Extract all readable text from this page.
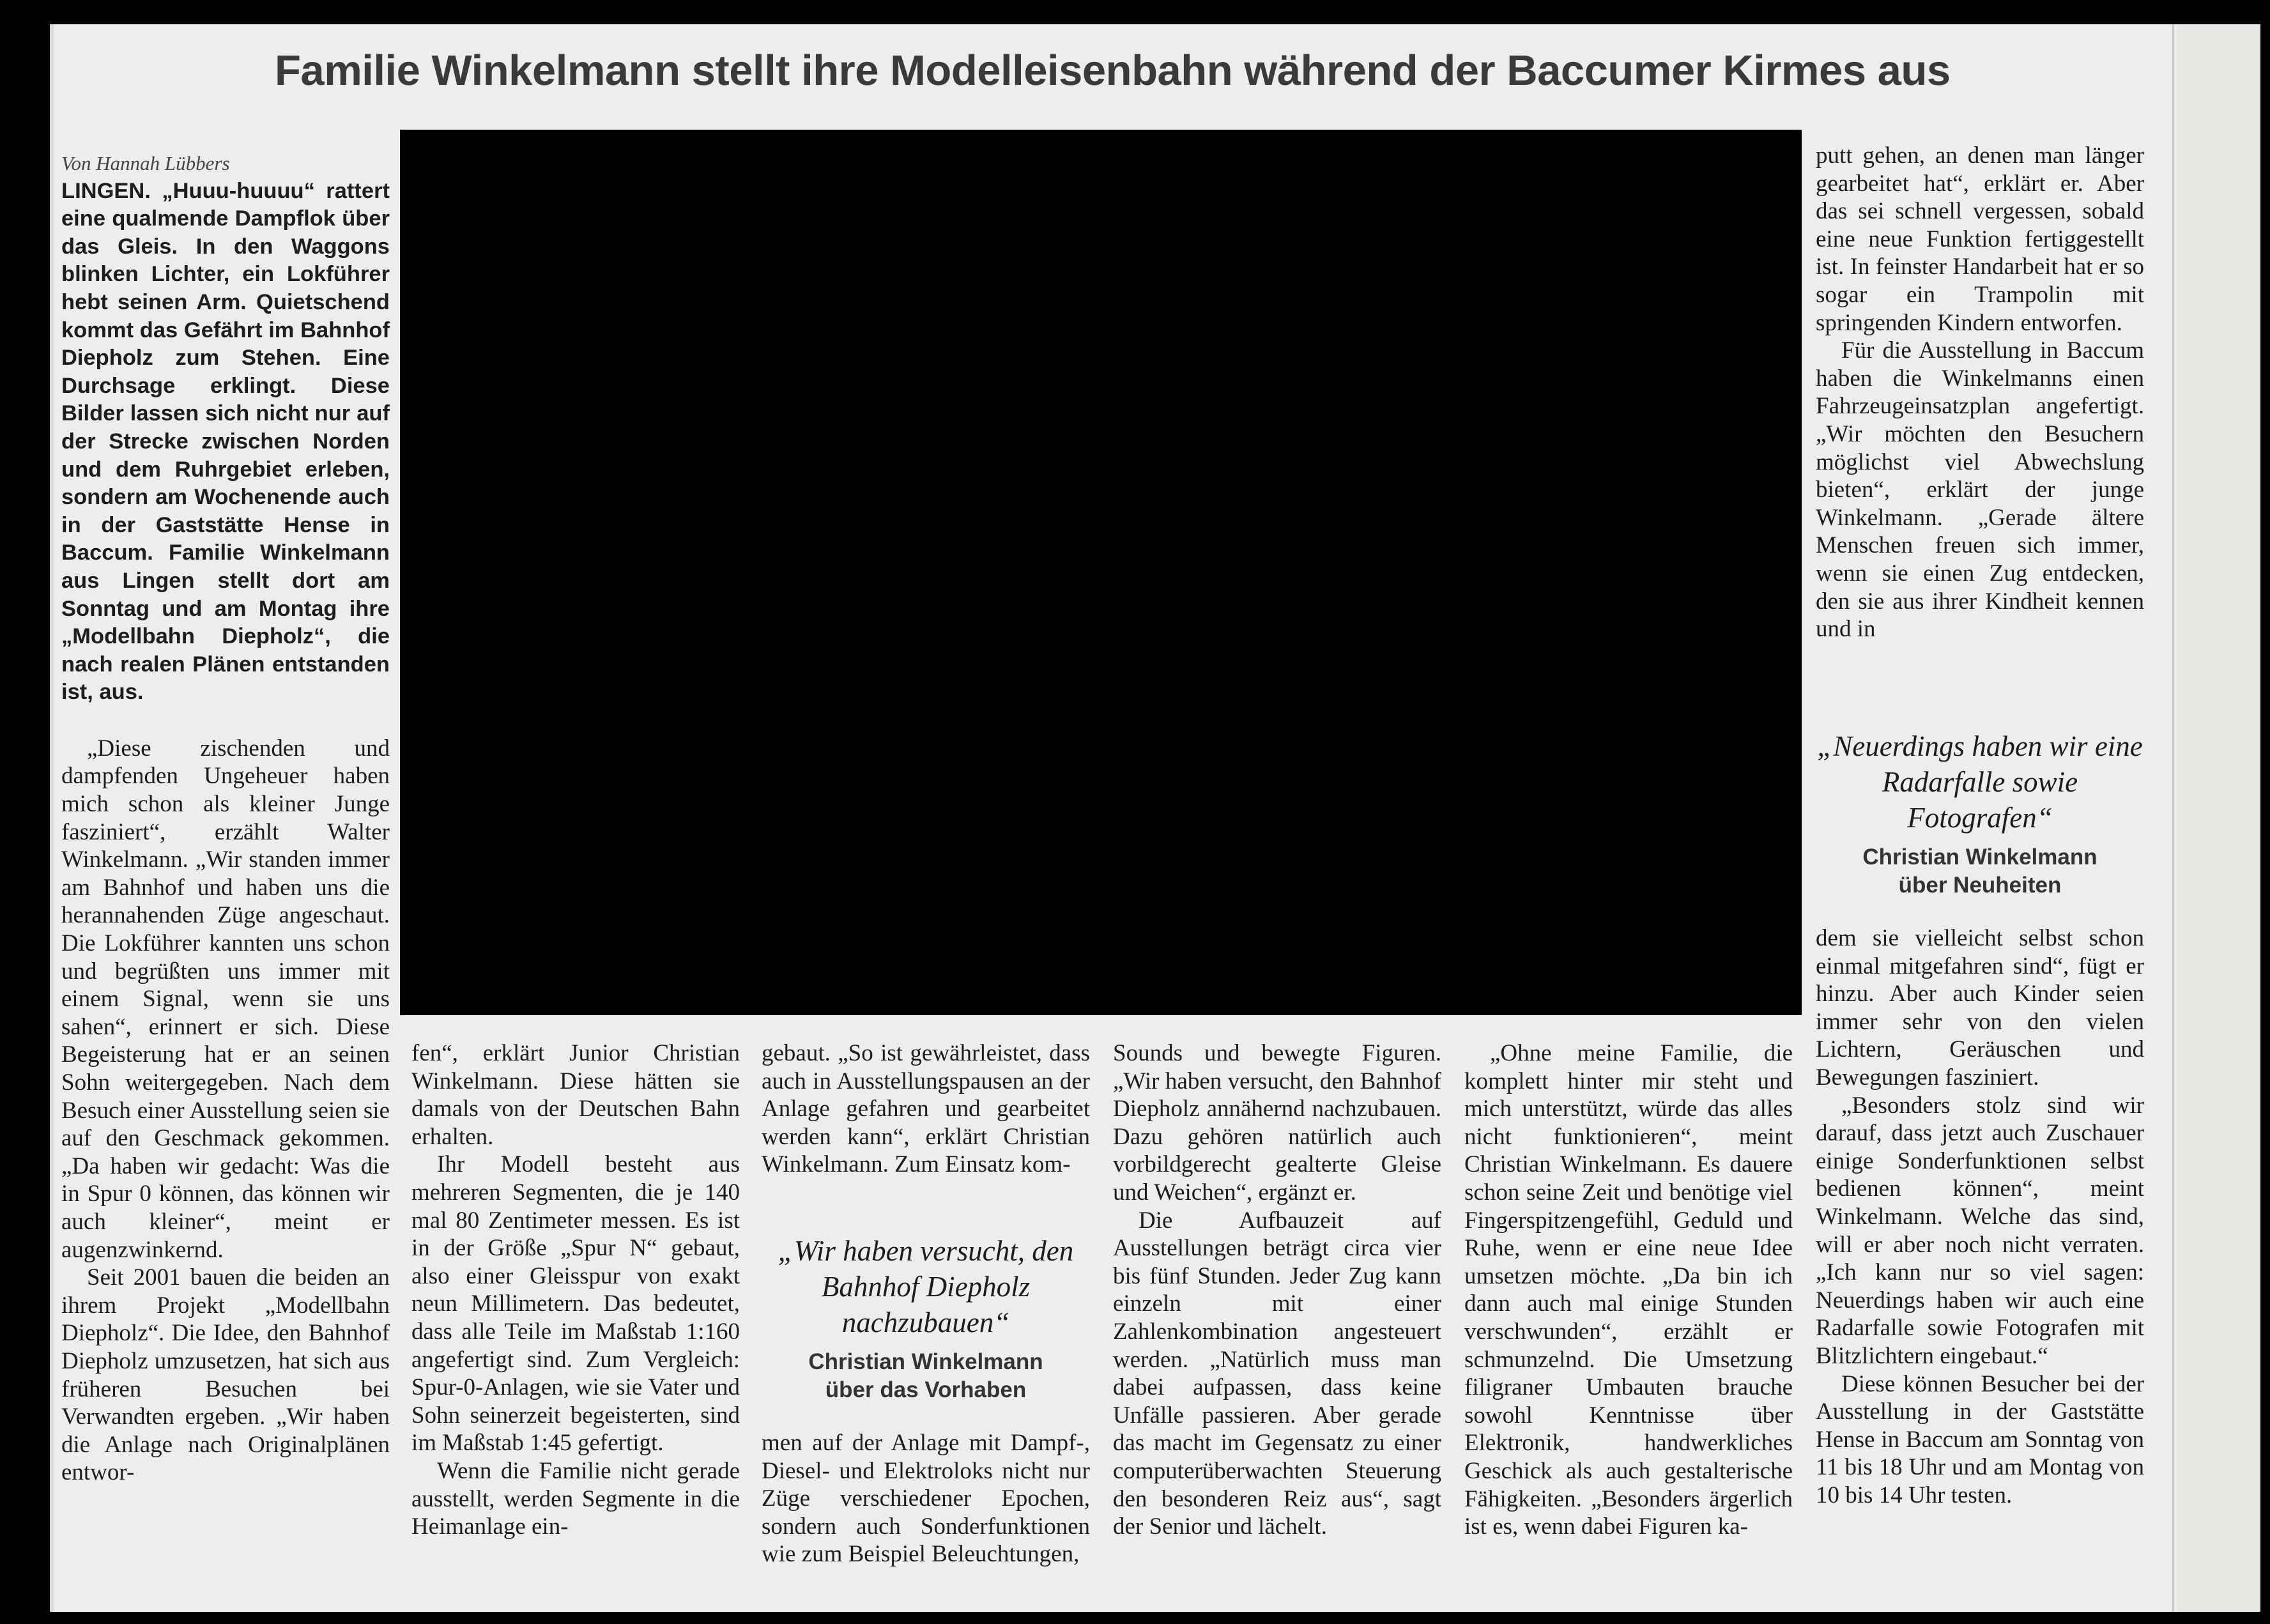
Familie Winkelmann stellt ihre Modelleisenbahn während der Baccumer Kirmes aus

Von Hannah Lübbers

LINGEN. „Huuu-huuuu“ rattert eine qualmende Dampflok über das Gleis. In den Waggons blinken Lichter, ein Lokführer hebt seinen Arm. Quietschend kommt das Gefährt im Bahnhof Diepholz zum Stehen. Eine Durchsage erklingt. Diese Bilder lassen sich nicht nur auf der Strecke zwischen Norden und dem Ruhrgebiet erleben, sondern am Wochenende auch in der Gaststätte Hense in Baccum. Familie Winkelmann aus Lingen stellt dort am Sonntag und am Montag ihre „Modellbahn Diepholz“, die nach realen Plänen entstanden ist, aus.

„Diese zischenden und dampfenden Ungeheuer haben mich schon als kleiner Junge fasziniert“, erzählt Walter Winkelmann. „Wir standen immer am Bahnhof und haben uns die herannahenden Züge angeschaut. Die Lokführer kannten uns schon und begrüßten uns immer mit einem Signal, wenn sie uns sahen“, erinnert er sich. Diese Begeisterung hat er an seinen Sohn weitergegeben. Nach dem Besuch einer Ausstellung seien sie auf den Geschmack gekommen. „Da haben wir gedacht: Was die in Spur 0 können, das können wir auch kleiner“, meint er augenzwinkernd.

Seit 2001 bauen die beiden an ihrem Projekt „Modellbahn Diepholz“. Die Idee, den Bahnhof Diepholz umzusetzen, hat sich aus früheren Besuchen bei Verwandten ergeben. „Wir haben die Anlage nach Originalplänen entwor-

fen“, erklärt Junior Christian Winkelmann. Diese hätten sie damals von der Deutschen Bahn erhalten.

Ihr Modell besteht aus mehreren Segmenten, die je 140 mal 80 Zentimeter messen. Es ist in der Größe „Spur N“ gebaut, also einer Gleisspur von exakt neun Millimetern. Das bedeutet, dass alle Teile im Maßstab 1:160 angefertigt sind. Zum Vergleich: Spur-0-Anlagen, wie sie Vater und Sohn seinerzeit begeisterten, sind im Maßstab 1:45 gefertigt.

Wenn die Familie nicht gerade ausstellt, werden Segmente in die Heimanlage ein-

gebaut. „So ist gewährleistet, dass auch in Ausstellungspausen an der Anlage gefahren und gearbeitet werden kann“, erklärt Christian Winkelmann. Zum Einsatz kom-

„Wir haben versucht, den Bahnhof Diepholz nachzubauen“
Christian Winkelmann
über das Vorhaben

men auf der Anlage mit Dampf-, Diesel- und Elektroloks nicht nur Züge verschiedener Epochen, sondern auch Sonderfunktionen wie zum Beispiel Beleuchtungen,

Sounds und bewegte Figuren. „Wir haben versucht, den Bahnhof Diepholz annähernd nachzubauen. Dazu gehören natürlich auch vorbildgerecht gealterte Gleise und Weichen“, ergänzt er.

Die Aufbauzeit auf Ausstellungen beträgt circa vier bis fünf Stunden. Jeder Zug kann einzeln mit einer Zahlenkombination angesteuert werden. „Natürlich muss man dabei aufpassen, dass keine Unfälle passieren. Aber gerade das macht im Gegensatz zu einer computerüberwachten Steuerung den besonderen Reiz aus“, sagt der Senior und lächelt.

„Ohne meine Familie, die komplett hinter mir steht und mich unterstützt, würde das alles nicht funktionieren“, meint Christian Winkelmann. Es dauere schon seine Zeit und benötige viel Fingerspitzengefühl, Geduld und Ruhe, wenn er eine neue Idee umsetzen möchte. „Da bin ich dann auch mal einige Stunden verschwunden“, erzählt er schmunzelnd. Die Umsetzung filigraner Umbauten brauche sowohl Kenntnisse über Elektronik, handwerkliches Geschick als auch gestalterische Fähigkeiten. „Besonders ärgerlich ist es, wenn dabei Figuren ka-

putt gehen, an denen man länger gearbeitet hat“, erklärt er. Aber das sei schnell vergessen, sobald eine neue Funktion fertiggestellt ist. In feinster Handarbeit hat er so sogar ein Trampolin mit springenden Kindern entworfen.

Für die Ausstellung in Baccum haben die Winkelmanns einen Fahrzeugeinsatzplan angefertigt. „Wir möchten den Besuchern möglichst viel Abwechslung bieten“, erklärt der junge Winkelmann. „Gerade ältere Menschen freuen sich immer, wenn sie einen Zug entdecken, den sie aus ihrer Kindheit kennen und in

„Neuerdings haben wir eine Radarfalle sowie Fotografen“
Christian Winkelmann
über Neuheiten

dem sie vielleicht selbst schon einmal mitgefahren sind“, fügt er hinzu. Aber auch Kinder seien immer sehr von den vielen Lichtern, Geräuschen und Bewegungen fasziniert.

„Besonders stolz sind wir darauf, dass jetzt auch Zuschauer einige Sonderfunktionen selbst bedienen können“, meint Winkelmann. Welche das sind, will er aber noch nicht verraten. „Ich kann nur so viel sagen: Neuerdings haben wir auch eine Radarfalle sowie Fotografen mit Blitzlichtern eingebaut.“

Diese können Besucher bei der Ausstellung in der Gaststätte Hense in Baccum am Sonntag von 11 bis 18 Uhr und am Montag von 10 bis 14 Uhr testen.
